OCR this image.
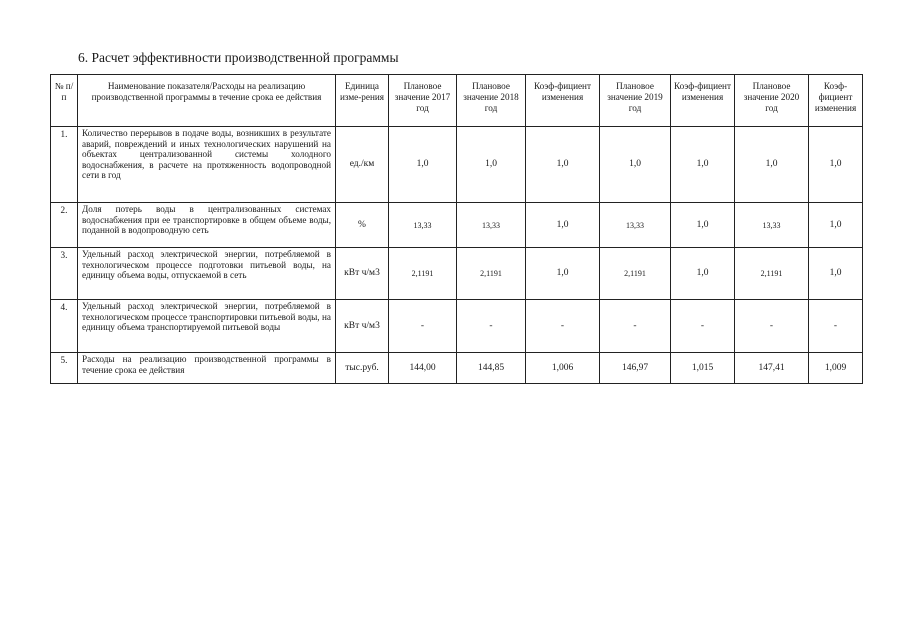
6. Расчет эффективности производственной программы
№ п/п	Наименование показателя/Расходы на реализацию производственной программы в течение срока ее действия	Единица изме-рения	Плановое значение 2017 год	Плановое значение 2018 год	Коэф-фициент изменения	Плановое значение 2019 год	Коэф-фициент изменения	Плановое значение 2020 год	Коэф-фициент изменения
1.	Количество перерывов в подаче воды, возникших в результате аварий, повреждений и иных технологических нарушений на объектах централизованной системы холодного водоснабжения, в расчете на протяженность водопроводной сети в год	ед./км	1,0	1,0	1,0	1,0	1,0	1,0	1,0
2.	Доля потерь воды в централизованных системах водоснабжения при ее транспортировке в общем объеме воды, поданной в водопроводную сеть	%	13,33	13,33	1,0	13,33	1,0	13,33	1,0
3.	Удельный расход электрической энергии, потребляемой в технологическом процессе подготовки питьевой воды, на единицу объема воды, отпускаемой в сеть	кВт ч/м3	2,1191	2,1191	1,0	2,1191	1,0	2,1191	1,0
4.	Удельный расход электрической энергии, потребляемой в технологическом процессе транспортировки питьевой воды, на единицу объема транспортируемой питьевой воды	кВт ч/м3	-	-	-	-	-	-	-
5.	Расходы на реализацию производственной программы в течение срока ее действия	тыс.руб.	144,00	144,85	1,006	146,97	1,015	147,41	1,009
